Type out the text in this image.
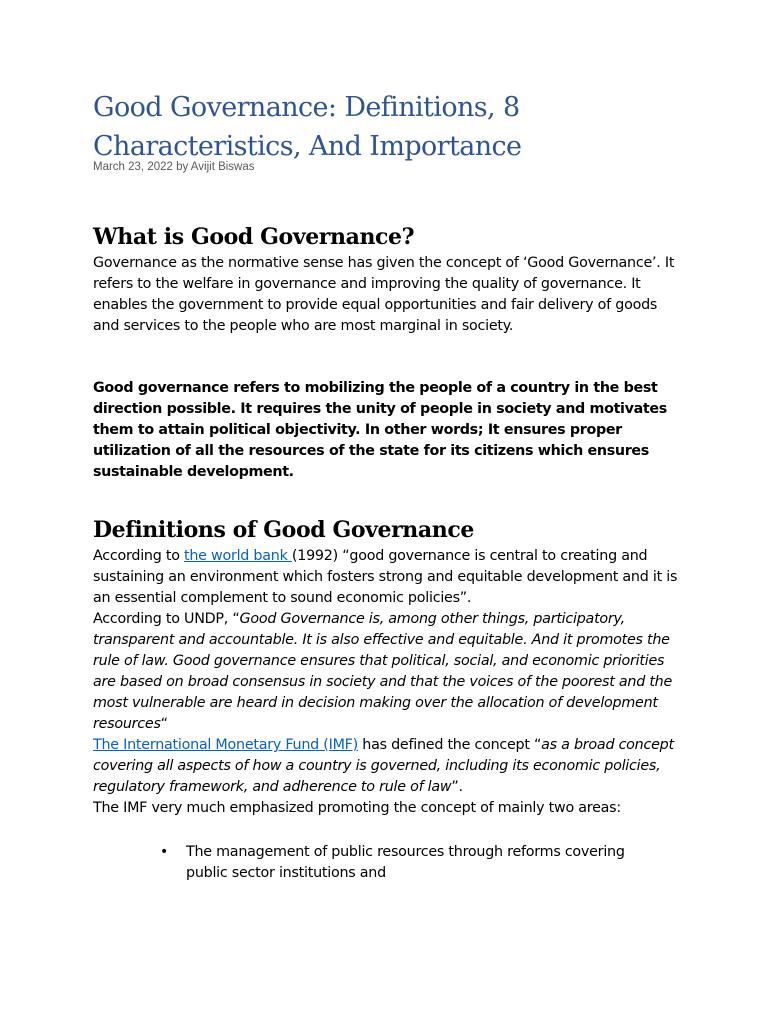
Good Governance: Definitions, 8 Characteristics, And Importance
March 23, 2022 by Avijit Biswas
What is Good Governance?

Governance as the normative sense has given the concept of ‘Good Governance’. It refers to the welfare in governance and improving the quality of governance. It enables the government to provide equal opportunities and fair delivery of goods and services to the people who are most marginal in society.

Good governance refers to mobilizing the people of a country in the best direction possible. It requires the unity of people in society and motivates them to attain political objectivity. In other words; It ensures proper utilization of all the resources of the state for its citizens which ensures sustainable development.

Definitions of Good Governance

According to the world bank (1992) “good governance is central to creating and sustaining an environment which fosters strong and equitable development and it is an essential complement to sound economic policies”.
According to UNDP, “Good Governance is, among other things, participatory, transparent and accountable. It is also effective and equitable. And it promotes the rule of law. Good governance ensures that political, social, and economic priorities are based on broad consensus in society and that the voices of the poorest and the most vulnerable are heard in decision making over the allocation of development resources“
The International Monetary Fund (IMF) has defined the concept “as a broad concept covering all aspects of how a country is governed, including its economic policies, regulatory framework, and adherence to rule of law”.
The IMF very much emphasized promoting the concept of mainly two areas:

• The management of public resources through reforms covering public sector institutions and
